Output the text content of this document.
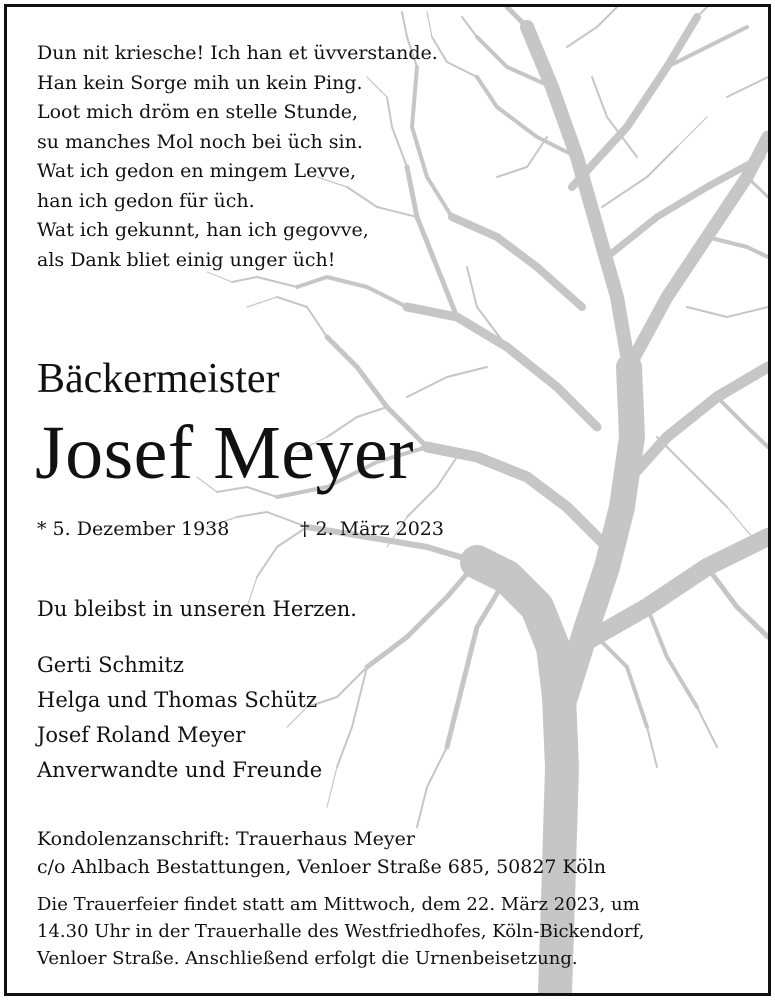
Dun nit kriesche! Ich han et üvverstande.
Han kein Sorge mih un kein Ping.
Loot mich dröm en stelle Stunde,
su manches Mol noch bei üch sin.
Wat ich gedon en mingem Levve,
han ich gedon für üch.
Wat ich gekunnt, han ich gegovve,
als Dank bliet einig unger üch!
Bäckermeister
Josef Meyer
* 5. Dezember 1938	† 2. März 2023
Du bleibst in unseren Herzen.
Gerti Schmitz
Helga und Thomas Schütz
Josef Roland Meyer
Anverwandte und Freunde
Kondolenzanschrift: Trauerhaus Meyer
c/o Ahlbach Bestattungen, Venloer Straße 685, 50827 Köln
Die Trauerfeier findet statt am Mittwoch, dem 22. März 2023, um
14.30 Uhr in der Trauerhalle des Westfriedhofes, Köln-Bickendorf,
Venloer Straße. Anschließend erfolgt die Urnenbeisetzung.
